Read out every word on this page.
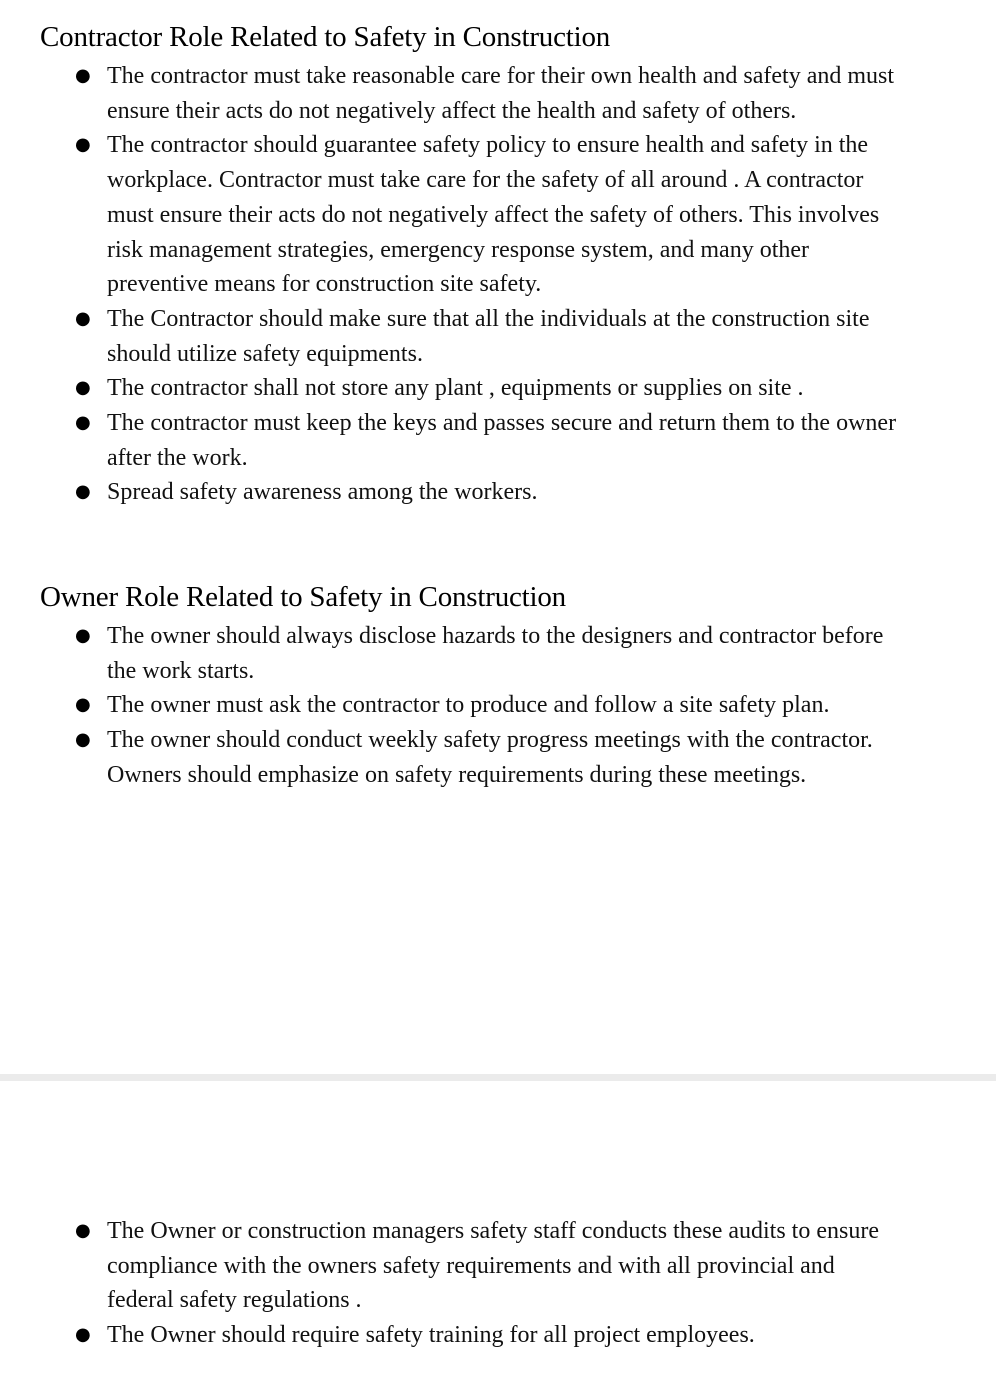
Contractor Role Related to Safety in Construction
● The contractor must take reasonable care for their own health and safety and must ensure their acts do not negatively affect the health and safety of others.
● The contractor should guarantee safety policy to ensure health and safety in the workplace. Contractor must take care for the safety of all around . A contractor must ensure their acts do not negatively affect the safety of others. This involves risk management strategies, emergency response system, and many other preventive means for construction site safety.
● The Contractor should make sure that all the individuals at the construction site should utilize safety equipments.
● The contractor shall not store any plant , equipments or supplies on site .
● The contractor must keep the keys and passes secure and return them to the owner after the work.
● Spread safety awareness among the workers.
Owner Role Related to Safety in Construction
● The owner should always disclose hazards to the designers and contractor before the work starts.
● The owner must ask the contractor to produce and follow a site safety plan.
● The owner should conduct weekly safety progress meetings with the contractor. Owners should emphasize on safety requirements during these meetings.
● The Owner or construction managers safety staff conducts these audits to ensure compliance with the owners safety requirements and with all provincial and federal safety regulations .
● The Owner should require safety training for all project employees.
